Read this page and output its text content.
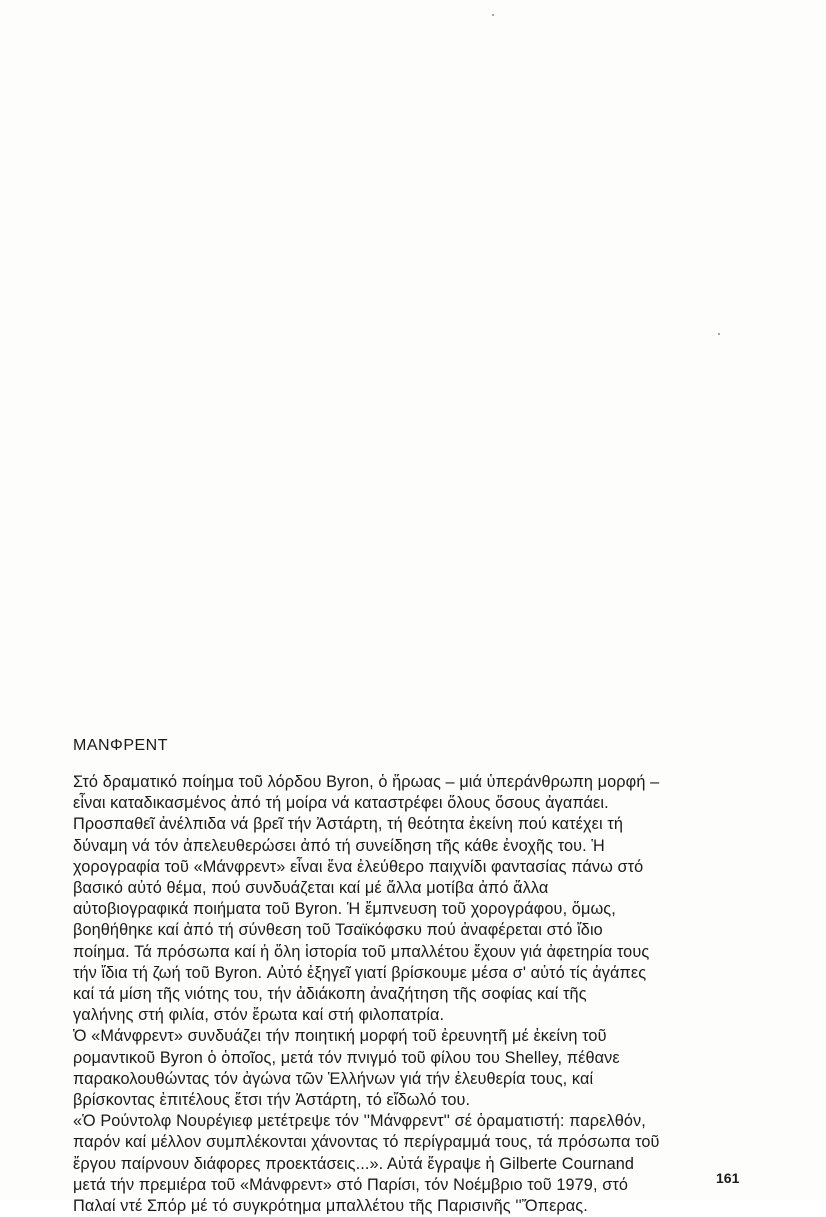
ΜΑΝΦΡΕΝΤ
Στό δραματικό ποίημα τοῦ λόρδου Byron, ὁ ἥρωας – μιά ὑπεράνθρωπη μορφή –
εἶναι καταδικασμένος ἀπό τή μοίρα νά καταστρέφει ὅλους ὅσους ἀγαπάει.
Προσπαθεῖ ἀνέλπιδα νά βρεῖ τήν Ἀστάρτη, τή θεότητα ἐκείνη πού κατέχει τή
δύναμη νά τόν ἀπελευθερώσει ἀπό τή συνείδηση τῆς κάθε ἐνοχῆς του. Ἡ
χορογραφία τοῦ «Μάνφρεντ» εἶναι ἕνα ἐλεύθερο παιχνίδι φαντασίας πάνω στό
βασικό αὐτό θέμα, πού συνδυάζεται καί μέ ἄλλα μοτίβα ἀπό ἄλλα
αὐτοβιογραφικά ποιήματα τοῦ Byron. Ἡ ἔμπνευση τοῦ χορογράφου, ὅμως,
βοηθήθηκε καί ἀπό τή σύνθεση τοῦ Τσαϊκόφσκυ πού ἀναφέρεται στό ἴδιο
ποίημα. Τά πρόσωπα καί ἡ ὅλη ἱστορία τοῦ μπαλλέτου ἔχουν γιά ἀφετηρία τους
τήν ἴδια τή ζωή τοῦ Byron. Αὐτό ἐξηγεῖ γιατί βρίσκουμε μέσα σ' αὐτό τίς ἀγάπες
καί τά μίση τῆς νιότης του, τήν ἀδιάκοπη ἀναζήτηση τῆς σοφίας καί τῆς
γαλήνης στή φιλία, στόν ἔρωτα καί στή φιλοπατρία.
Ὁ «Μάνφρεντ» συνδυάζει τήν ποιητική μορφή τοῦ ἐρευνητῆ μέ ἐκείνη τοῦ
ρομαντικοῦ Byron ὁ ὁποῖος, μετά τόν πνιγμό τοῦ φίλου του Shelley, πέθανε
παρακολουθώντας τόν ἀγώνα τῶν Ἑλλήνων γιά τήν ἐλευθερία τους, καί
βρίσκοντας ἐπιτέλους ἔτσι τήν Ἀστάρτη, τό εἴδωλό του.
«Ὁ Ρούντολφ Νουρέγιεφ μετέτρεψε τόν ''Μάνφρεντ'' σέ ὁραματιστή: παρελθόν,
παρόν καί μέλλον συμπλέκονται χάνοντας τό περίγραμμά τους, τά πρόσωπα τοῦ
ἔργου παίρνουν διάφορες προεκτάσεις...». Αὐτά ἔγραψε ἡ Gilberte Cournand
μετά τήν πρεμιέρα τοῦ «Μάνφρεντ» στό Παρίσι, τόν Νοέμβριο τοῦ 1979, στό
Παλαί ντέ Σπόρ μέ τό συγκρότημα μπαλλέτου τῆς Παρισινῆς ''Ὄπερας.

161
